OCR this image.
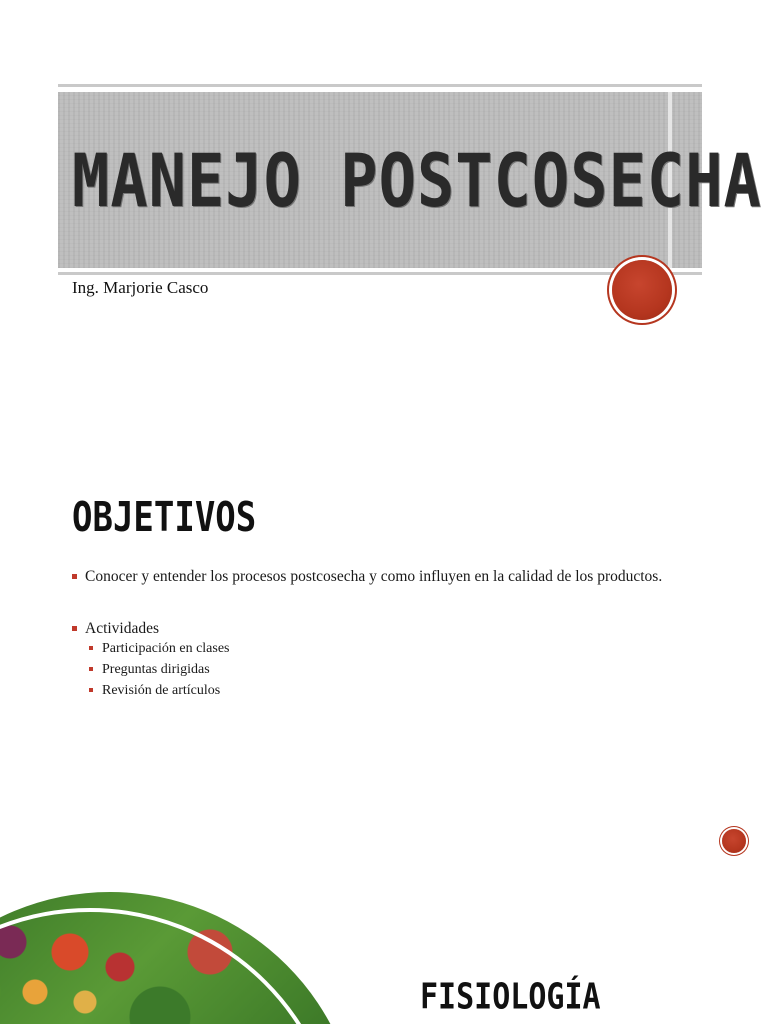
MANEJO POSTCOSECHA

Ing. Marjorie Casco

OBJETIVOS
Conocer y entender los procesos postcosecha y como influyen en la calidad de los productos.
Actividades
Participación en clases
Preguntas dirigidas
Revisión de artículos
FISIOLOGÍA
